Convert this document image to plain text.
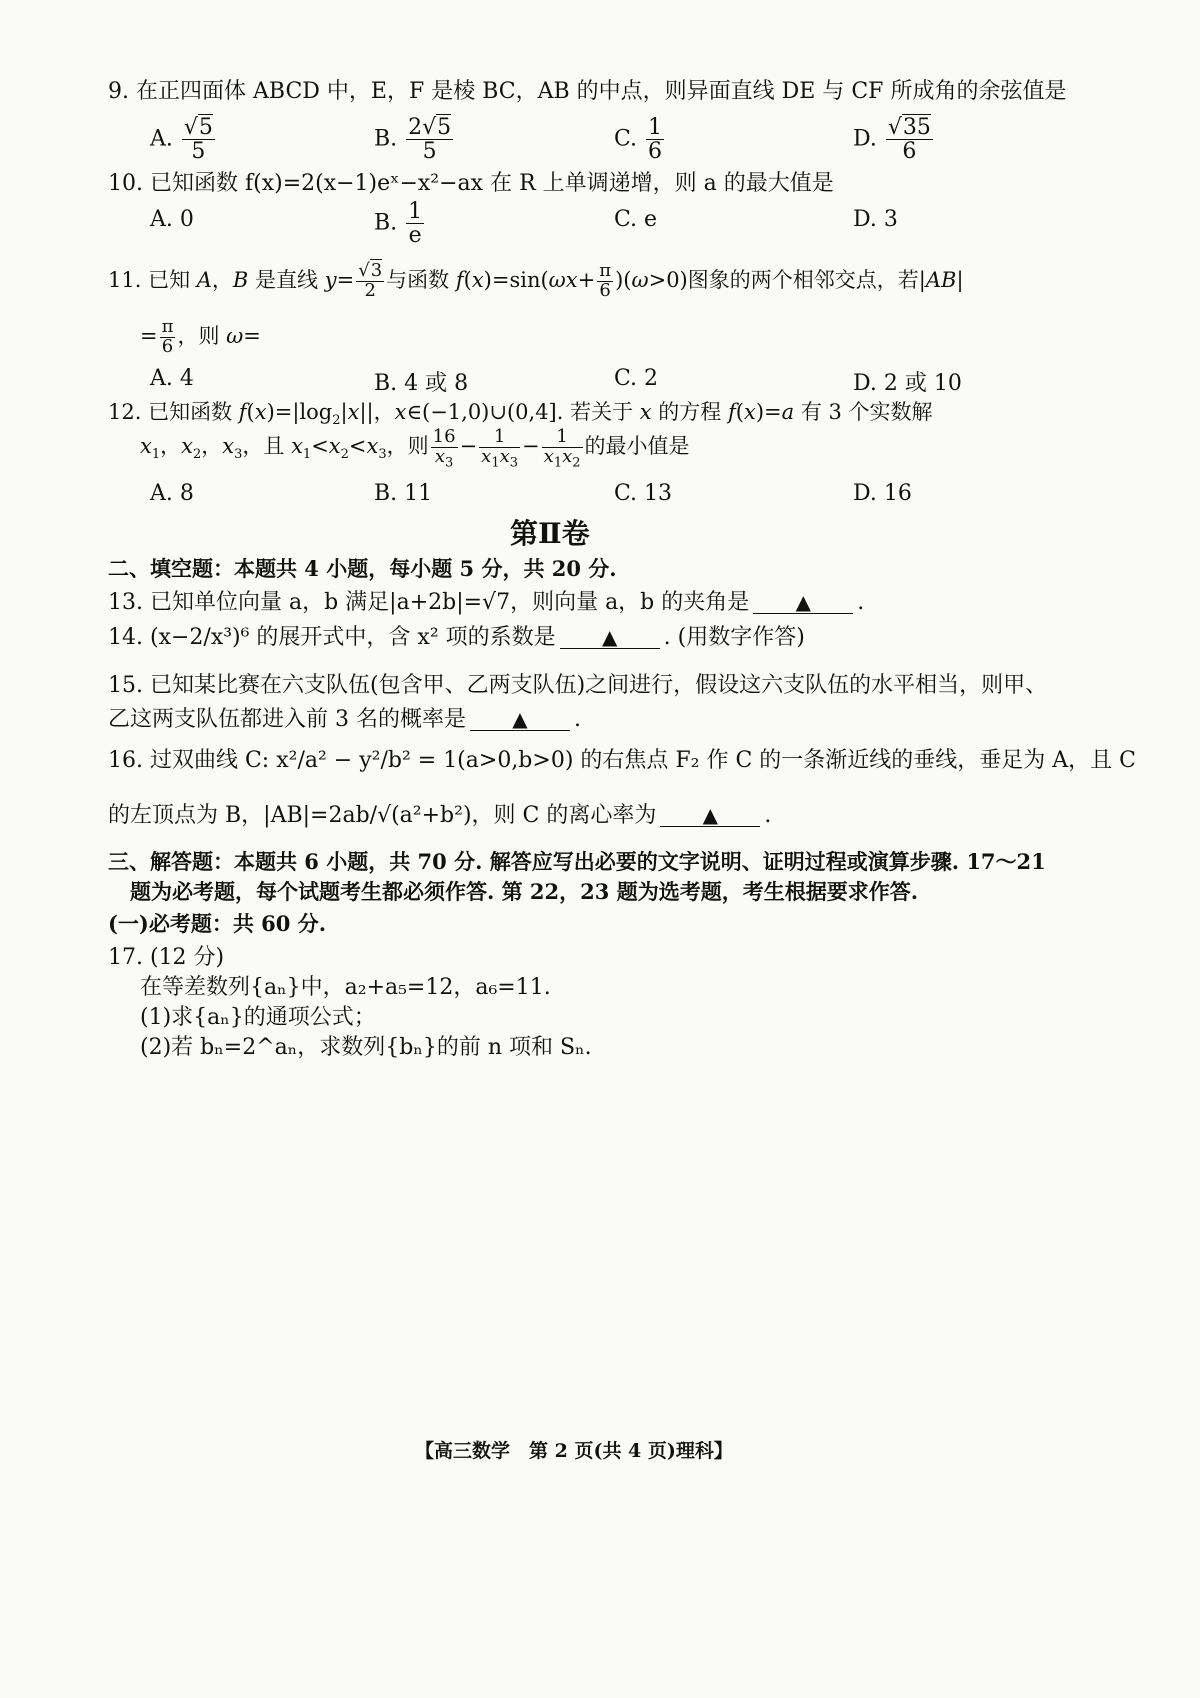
9. 在正四面体 ABCD 中，E，F 是棱 BC，AB 的中点，则异面直线 DE 与 CF 所成角的余弦值是
A. $\frac{√5}{5}$	B. $\frac{2√5}{5}$	C. $\frac{1}{6}$	D. $\frac{√35}{6}$
10. 已知函数 f(x)=2(x−1)eˣ−x²−ax 在 R 上单调递增，则 a 的最大值是
A. 0	B. $\frac{1}{e}$	C. e	D. 3
11. 已知 A，B 是直线 $y= \frac{√3}{2}$ 与函数 $f(x)=\sin(\omega x+ \frac{\pi}{6} )(\omega>0)$图象的两个相邻交点，若|AB|
= $\frac{\pi}{6}$ ，则 ω=
A. 4	B. 4 或 8	C. 2	D. 2 或 10
12. 已知函数 $f(x)=|\log_2|x||$，x∈(−1,0)∪(0,4]. 若关于 x 的方程 f(x)=a 有 3 个实数解
$x_1$，$x_2$，$x_3$，且 $x_1<x_2<x_3$，则 $\frac{16}{x_3} - \frac{1}{x_1x_3} - \frac{1}{x_1x_2}$ 的最小值是
A. 8	B. 11	C. 13	D. 16
第Ⅱ卷
二、填空题：本题共 4 小题，每小题 5 分，共 20 分.
13. 已知单位向量 a，b 满足|a+2b|=√7，则向量 a，b 的夹角是 ▲ .
14. (x−2/x³)⁶ 的展开式中，含 x² 项的系数是 ▲ . (用数字作答)
15. 已知某比赛在六支队伍(包含甲、乙两支队伍)之间进行，假设这六支队伍的水平相当，则甲、
乙这两支队伍都进入前 3 名的概率是 ▲ .
16. 过双曲线 C: x²/a² − y²/b² = 1(a>0,b>0) 的右焦点 F₂ 作 C 的一条渐近线的垂线，垂足为 A，且 C
的左顶点为 B，|AB|=2ab/√(a²+b²)，则 C 的离心率为 ▲ .
三、解答题：本题共 6 小题，共 70 分. 解答应写出必要的文字说明、证明过程或演算步骤. 17～21
题为必考题，每个试题考生都必须作答. 第 22，23 题为选考题，考生根据要求作答.
(一)必考题：共 60 分.
17. (12 分)
在等差数列{aₙ}中，a₂+a₅=12，a₆=11.
(1)求{aₙ}的通项公式；
(2)若 bₙ=2^aₙ，求数列{bₙ}的前 n 项和 Sₙ.
【高三数学　第 2 页(共 4 页)理科】
